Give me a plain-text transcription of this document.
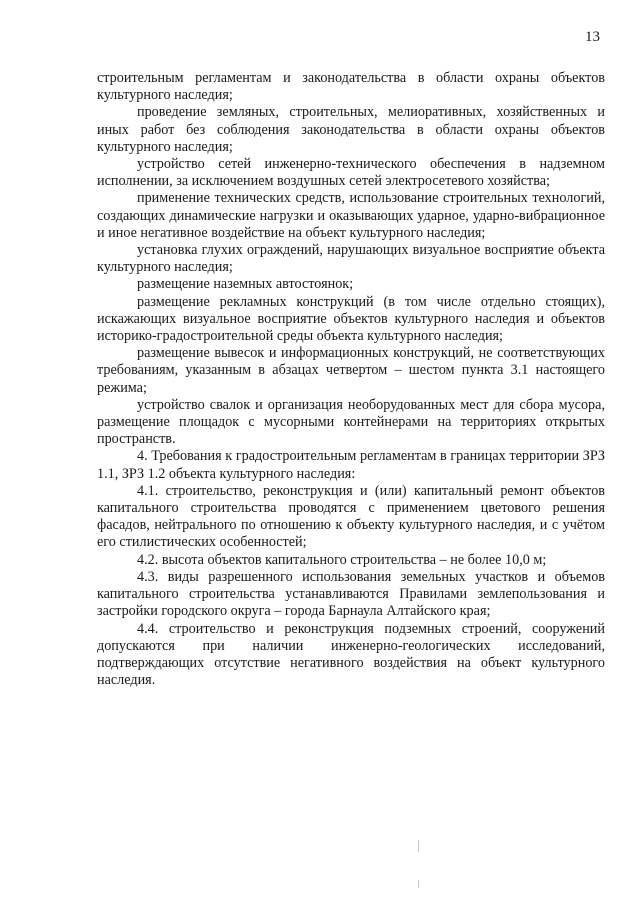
13

строительным регламентам и законодательства в области охраны объектов культурного наследия;

проведение земляных, строительных, мелиоративных, хозяйственных и иных работ без соблюдения законодательства в области охраны объектов культурного наследия;

устройство сетей инженерно-технического обеспечения в надземном исполнении, за исключением воздушных сетей электросетевого хозяйства;

применение технических средств, использование строительных технологий, создающих динамические нагрузки и оказывающих ударное, ударно-вибрационное и иное негативное воздействие на объект культурного наследия;

установка глухих ограждений, нарушающих визуальное восприятие объекта культурного наследия;

размещение наземных автостоянок;

размещение рекламных конструкций (в том числе отдельно стоящих), искажающих визуальное восприятие объектов культурного наследия и объектов историко-градостроительной среды объекта культурного наследия;

размещение вывесок и информационных конструкций, не соответствующих требованиям, указанным в абзацах четвертом – шестом пункта 3.1 настоящего режима;

устройство свалок и организация необорудованных мест для сбора мусора, размещение площадок с мусорными контейнерами на территориях открытых пространств.

4. Требования к градостроительным регламентам в границах территории ЗРЗ 1.1, ЗРЗ 1.2 объекта культурного наследия:

4.1. строительство, реконструкция и (или) капитальный ремонт объектов капитального строительства проводятся с применением цветового решения фасадов, нейтрального по отношению к объекту культурного наследия, и с учётом его стилистических особенностей;

4.2. высота объектов капитального строительства – не более 10,0 м;

4.3. виды разрешенного использования земельных участков и объемов капитального строительства устанавливаются Правилами землепользования и застройки городского округа – города Барнаула Алтайского края;

4.4. строительство и реконструкция подземных строений, сооружений допускаются при наличии инженерно-геологических исследований, подтверждающих отсутствие негативного воздействия на объект культурного наследия.
